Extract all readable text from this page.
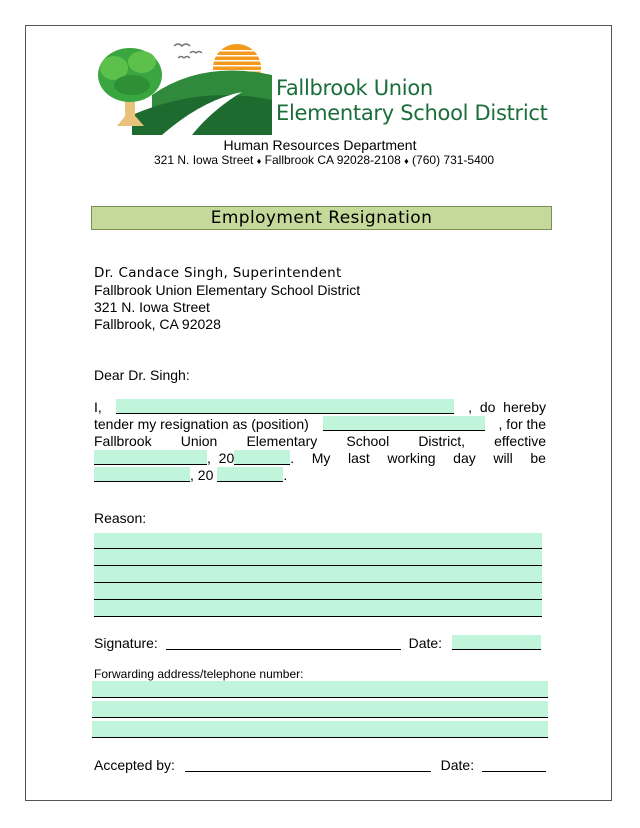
Fallbrook Union
Elementary School District
Human Resources Department
321 N. Iowa Street ♦ Fallbrook CA 92028-2108 ♦ (760) 731-5400
Employment Resignation
Dr. Candace Singh, Superintendent
Fallbrook Union Elementary School District
321 N. Iowa Street
Fallbrook, CA 92028
Dear Dr. Singh:
I,	,  do  hereby
tender my resignation as (position)	, for the
Fallbrook Union Elementary School District, effective
,  20	. My last working day will be
, 20	.
Reason:
Signature:	Date:
Forwarding address/telephone number:
Accepted by:	Date:
